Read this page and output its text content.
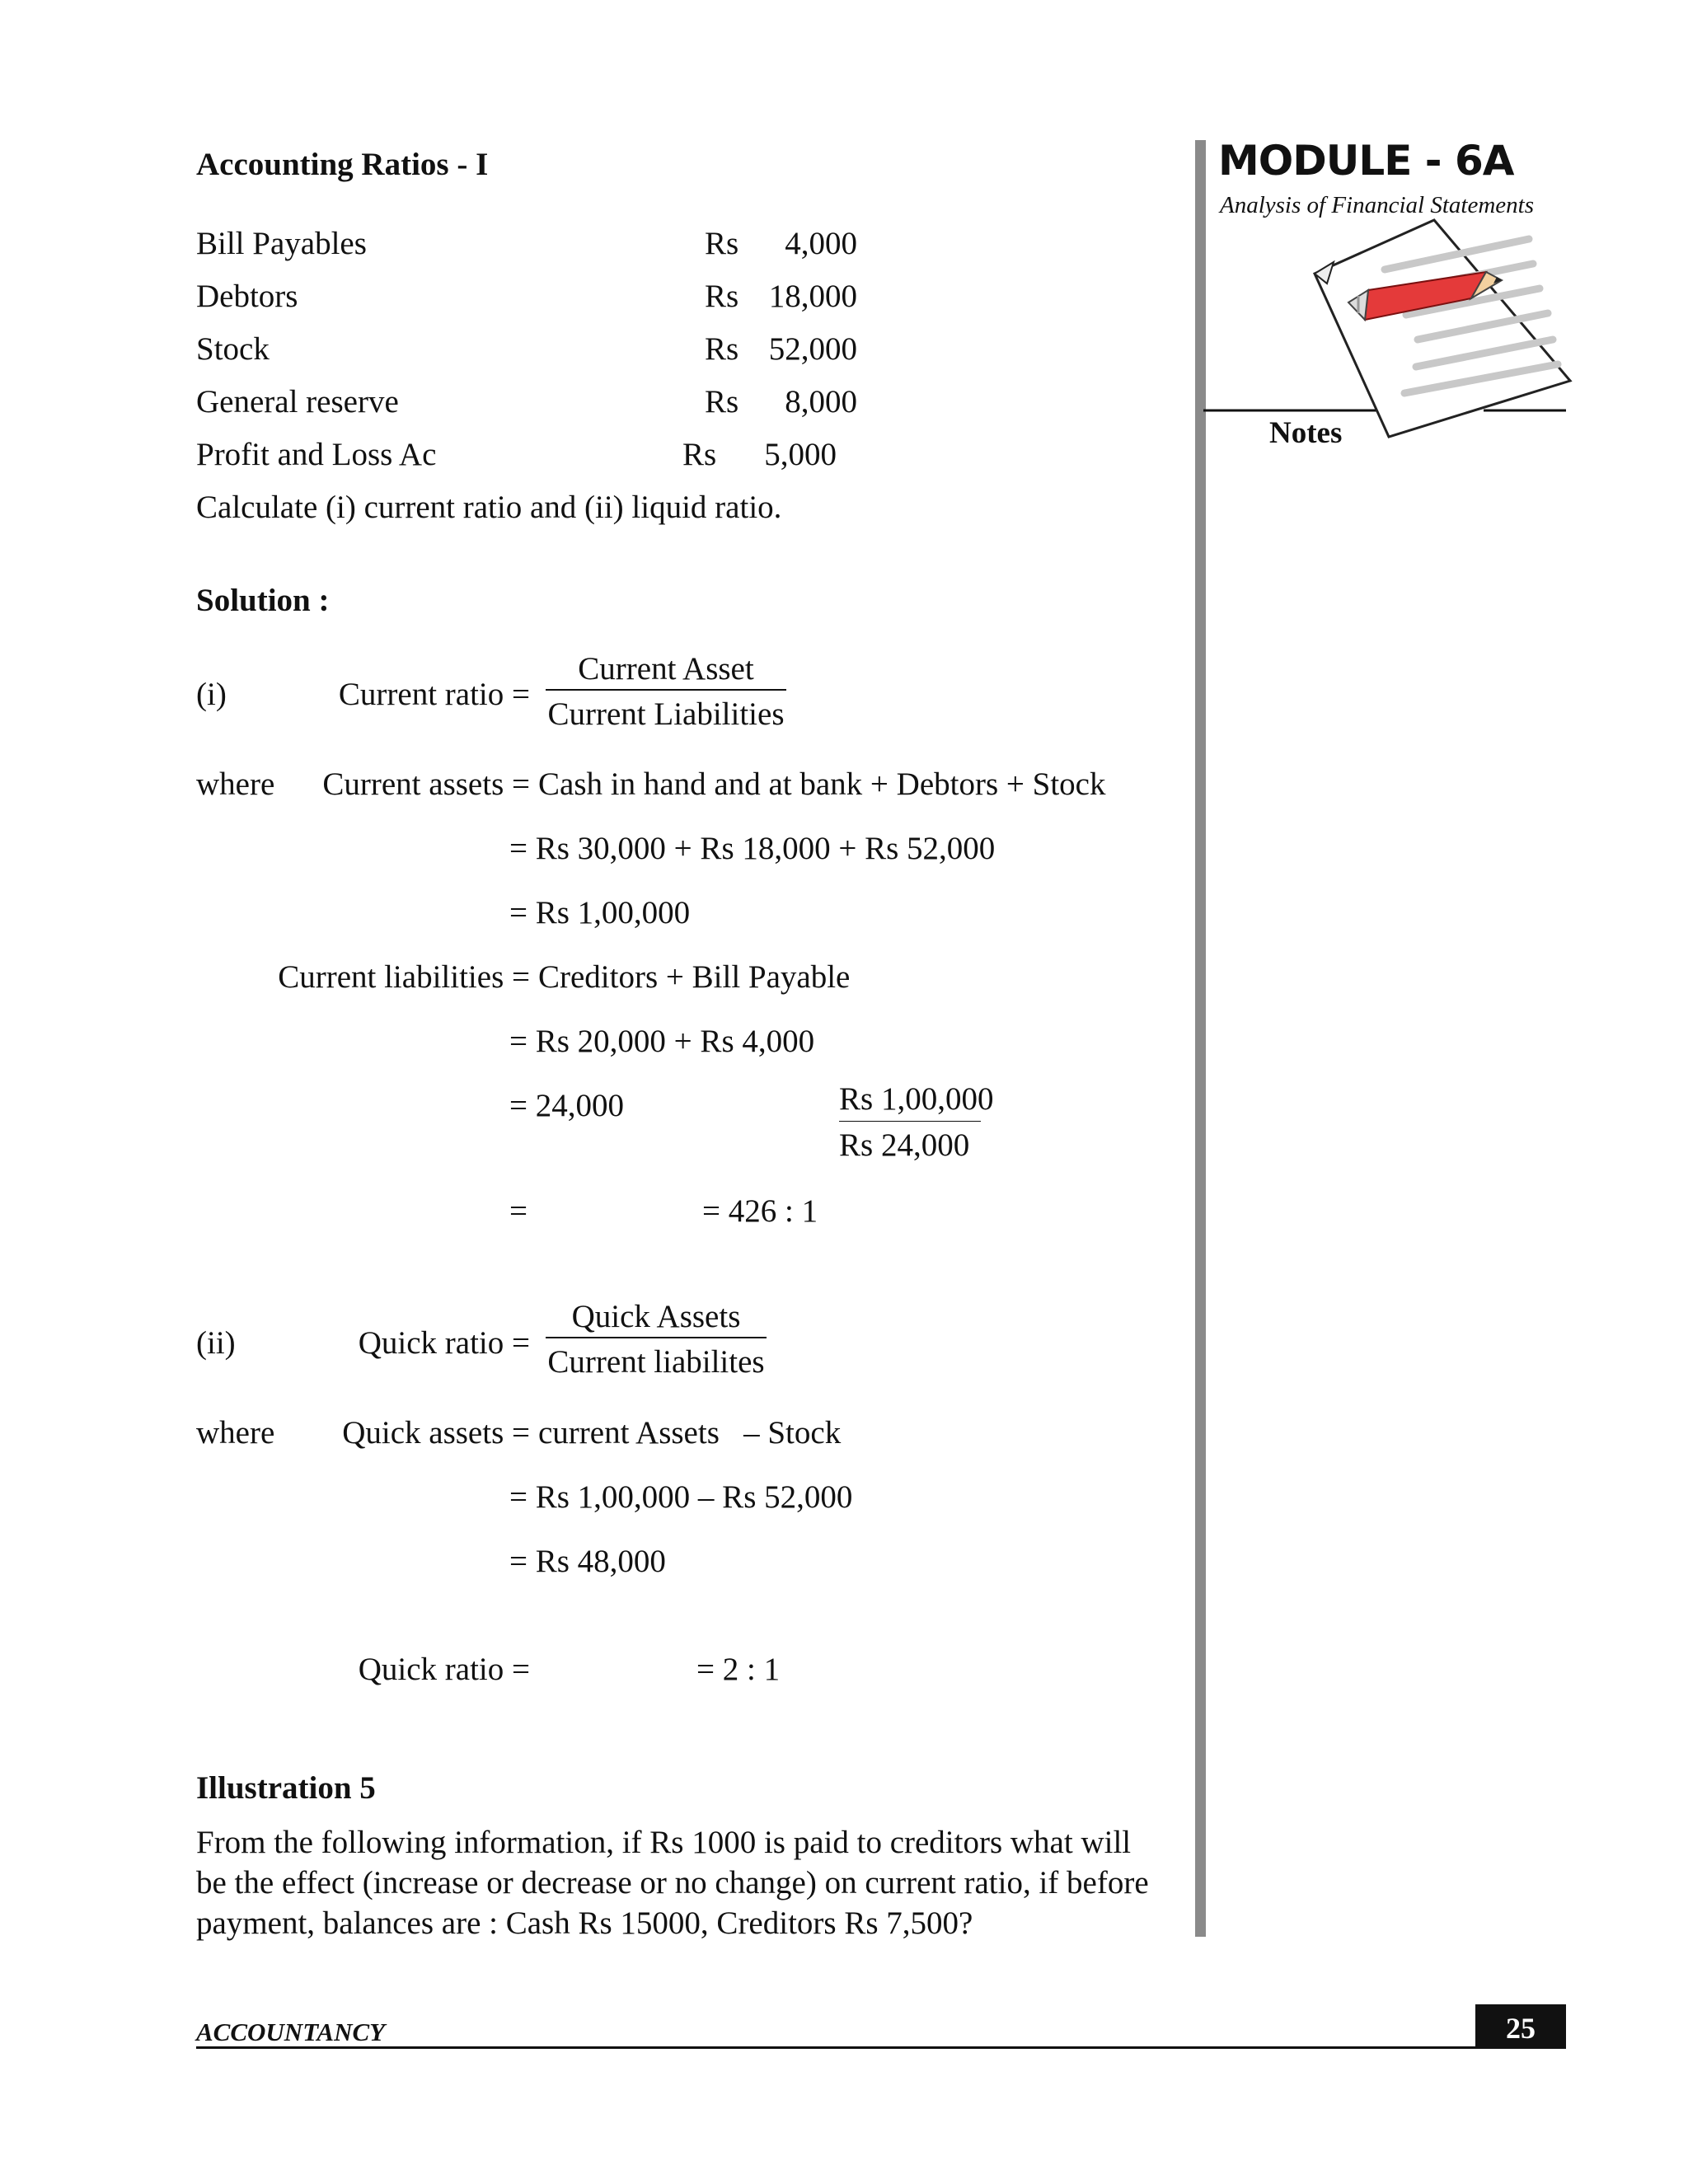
Accounting Ratios - I	MODULE - 6A
Analysis of Financial Statements
Notes
Bill Payables	Rs	4,000
Debtors	Rs 18,000
Stock	Rs 52,000
General reserve	Rs	8,000
Profit and Loss Ac	Rs	5,000
Calculate (i) current ratio and (ii) liquid ratio.
Solution :
(i)	Current ratio =
Current Asset
Current Liabilities
where	Current assets = Cash in hand and at bank + Debtors + Stock
= Rs 30,000 + Rs 18,000 + Rs 52,000
= Rs 1,00,000
Current liabilities = Creditors + Bill Payable
= Rs 20,000 + Rs 4,000
= 24,000	Rs 1,00,000
Rs 24,000
=	= 426 : 1
(ii)	Quick ratio =
Quick Assets
Current liabilites
where	Quick assets = current Assets   – Stock
= Rs 1,00,000 – Rs 52,000
= Rs 48,000
Quick ratio =	= 2 : 1
Illustration 5
From the following information, if Rs 1000 is paid to creditors what will
be the effect (increase or decrease or no change) on current ratio, if before
payment, balances are : Cash Rs 15000, Creditors Rs 7,500?
ACCOUNTANCY	25
